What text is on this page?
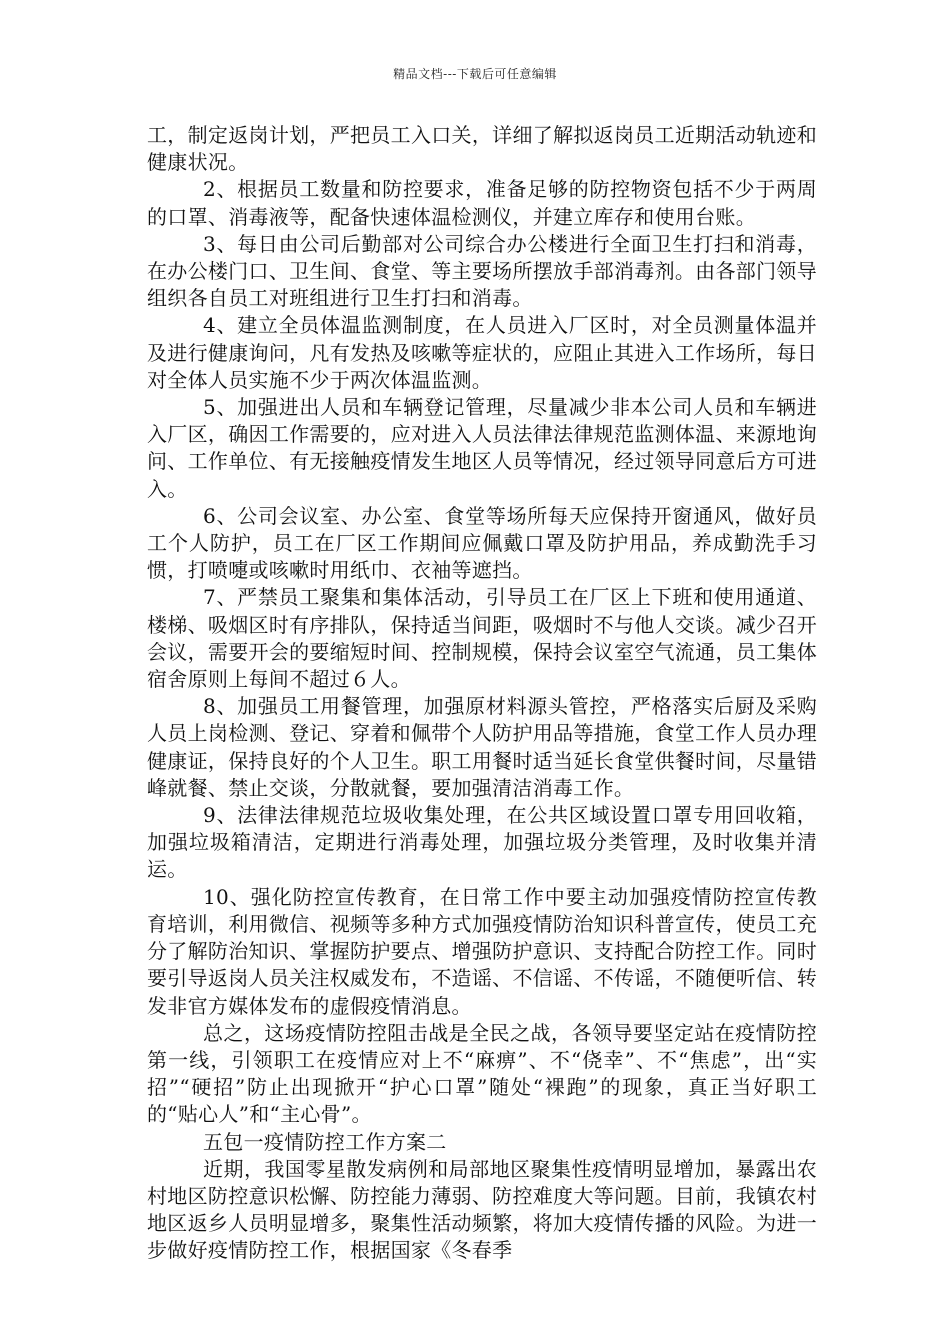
精品文档---下载后可任意编辑

工，制定返岗计划，严把员工入口关，详细了解拟返岗员工近期活动轨迹和健康状况。

2、根据员工数量和防控要求，准备足够的防控物资包括不少于两周的口罩、消毒液等，配备快速体温检测仪，并建立库存和使用台账。

3、每日由公司后勤部对公司综合办公楼进行全面卫生打扫和消毒，在办公楼门口、卫生间、食堂、等主要场所摆放手部消毒剂。由各部门领导组织各自员工对班组进行卫生打扫和消毒。

4、建立全员体温监测制度，在人员进入厂区时，对全员测量体温并及进行健康询问，凡有发热及咳嗽等症状的，应阻止其进入工作场所，每日对全体人员实施不少于两次体温监测。

5、加强进出人员和车辆登记管理，尽量减少非本公司人员和车辆进入厂区，确因工作需要的，应对进入人员法律法律规范监测体温、来源地询问、工作单位、有无接触疫情发生地区人员等情况，经过领导同意后方可进入。

6、公司会议室、办公室、食堂等场所每天应保持开窗通风，做好员工个人防护，员工在厂区工作期间应佩戴口罩及防护用品，养成勤洗手习惯，打喷嚏或咳嗽时用纸巾、衣袖等遮挡。

7、严禁员工聚集和集体活动，引导员工在厂区上下班和使用通道、楼梯、吸烟区时有序排队，保持适当间距，吸烟时不与他人交谈。减少召开会议，需要开会的要缩短时间、控制规模，保持会议室空气流通，员工集体宿舍原则上每间不超过６人。

8、加强员工用餐管理，加强原材料源头管控，严格落实后厨及采购人员上岗检测、登记、穿着和佩带个人防护用品等措施，食堂工作人员办理健康证，保持良好的个人卫生。职工用餐时适当延长食堂供餐时间，尽量错峰就餐、禁止交谈，分散就餐，要加强清洁消毒工作。

9、法律法律规范垃圾收集处理，在公共区域设置口罩专用回收箱，加强垃圾箱清洁，定期进行消毒处理，加强垃圾分类管理，及时收集并清运。

10、强化防控宣传教育，在日常工作中要主动加强疫情防控宣传教育培训，利用微信、视频等多种方式加强疫情防治知识科普宣传，使员工充分了解防治知识、掌握防护要点、增强防护意识、支持配合防控工作。同时要引导返岗人员关注权威发布，不造谣、不信谣、不传谣，不随便听信、转发非官方媒体发布的虚假疫情消息。

总之，这场疫情防控阻击战是全民之战，各领导要坚定站在疫情防控第一线，引领职工在疫情应对上不“麻痹”、不“侥幸”、不“焦虑”，出“实招”“硬招”防止出现掀开“护心口罩”随处“裸跑”的现象，真正当好职工的“贴心人”和“主心骨”。

五包一疫情防控工作方案二

近期，我国零星散发病例和局部地区聚集性疫情明显增加，暴露出农村地区防控意识松懈、防控能力薄弱、防控难度大等问题。目前，我镇农村地区返乡人员明显增多，聚集性活动频繁，将加大疫情传播的风险。为进一步做好疫情防控工作，根据国家《冬春季
